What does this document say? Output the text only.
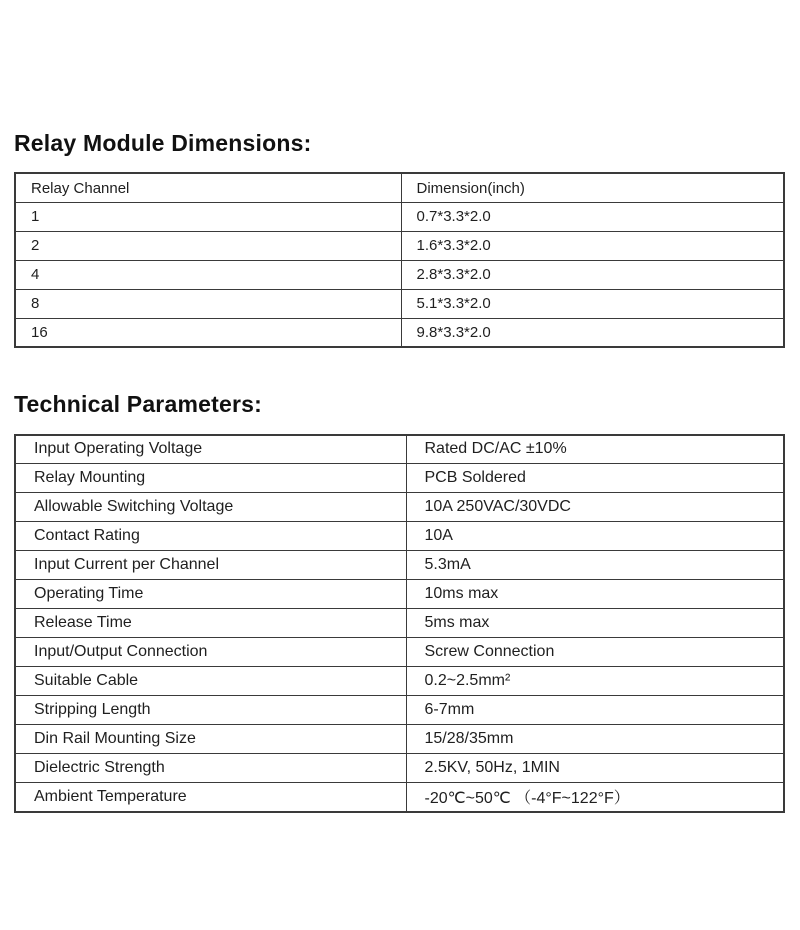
Relay Module Dimensions:
Relay Channel	Dimension(inch)
1	0.7*3.3*2.0
2	1.6*3.3*2.0
4	2.8*3.3*2.0
8	5.1*3.3*2.0
16	9.8*3.3*2.0
Technical Parameters:
Input Operating Voltage	Rated DC/AC ±10%
Relay Mounting	PCB Soldered
Allowable Switching Voltage	10A 250VAC/30VDC
Contact Rating	10A
Input Current per Channel	5.3mA
Operating Time	10ms max
Release Time	5ms max
Input/Output Connection	Screw Connection
Suitable Cable	0.2~2.5mm²
Stripping Length	6-7mm
Din Rail Mounting Size	15/28/35mm
Dielectric Strength	2.5KV, 50Hz, 1MIN
Ambient Temperature	-20℃~50℃ （-4°F~122°F）
